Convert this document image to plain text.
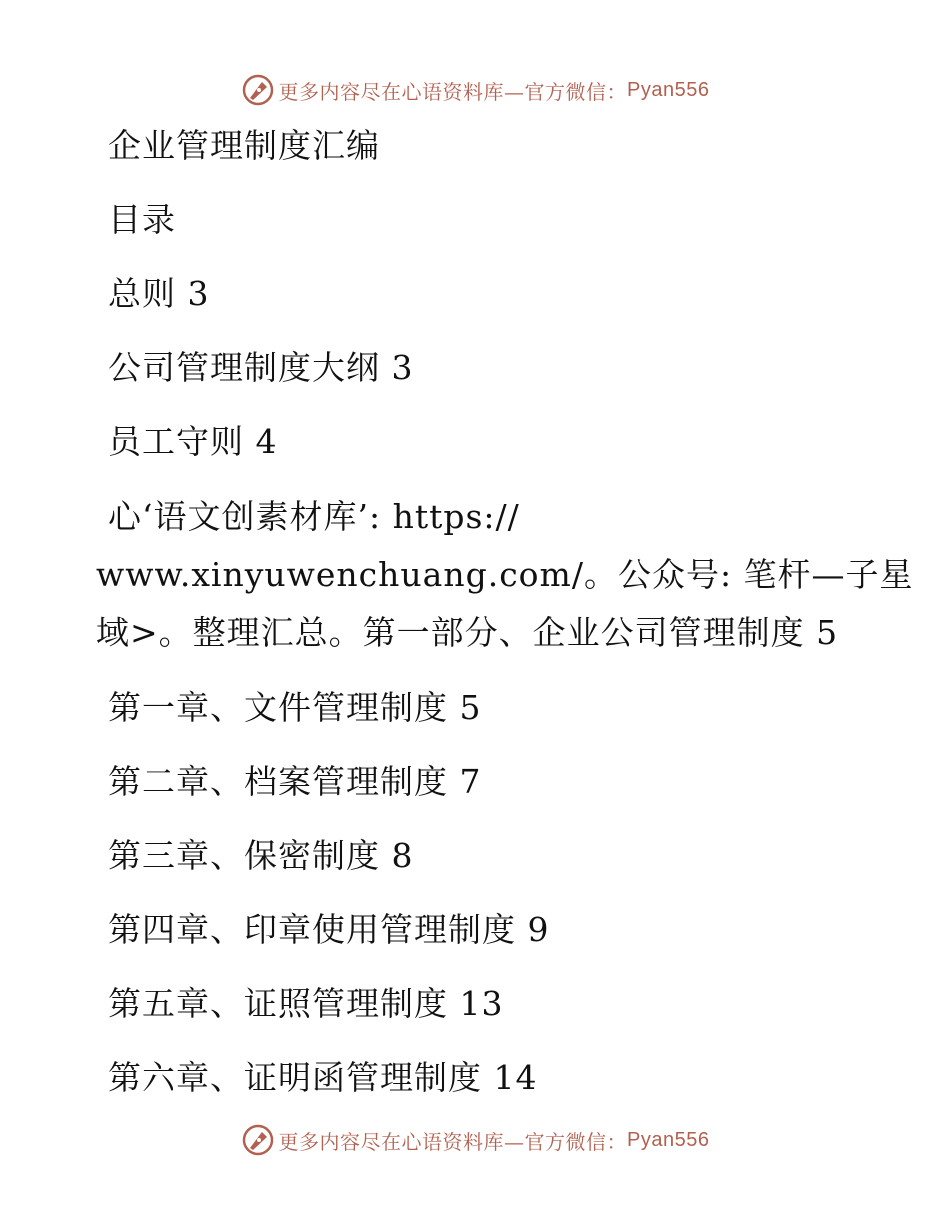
更多内容尽在心语资料库—官方微信： Pyan556
企业管理制度汇编
目录
总则 3
公司管理制度大纲 3
员工守则 4
心‘语文创素材库’: https://
www.xinyuwenchuang.com/。公众号: 笔杆—子星
域>。整理汇总。第一部分、企业公司管理制度 5
第一章、文件管理制度 5
第二章、档案管理制度 7
第三章、保密制度 8
第四章、印章使用管理制度 9
第五章、证照管理制度 13
第六章、证明函管理制度 14
更多内容尽在心语资料库—官方微信： Pyan556
